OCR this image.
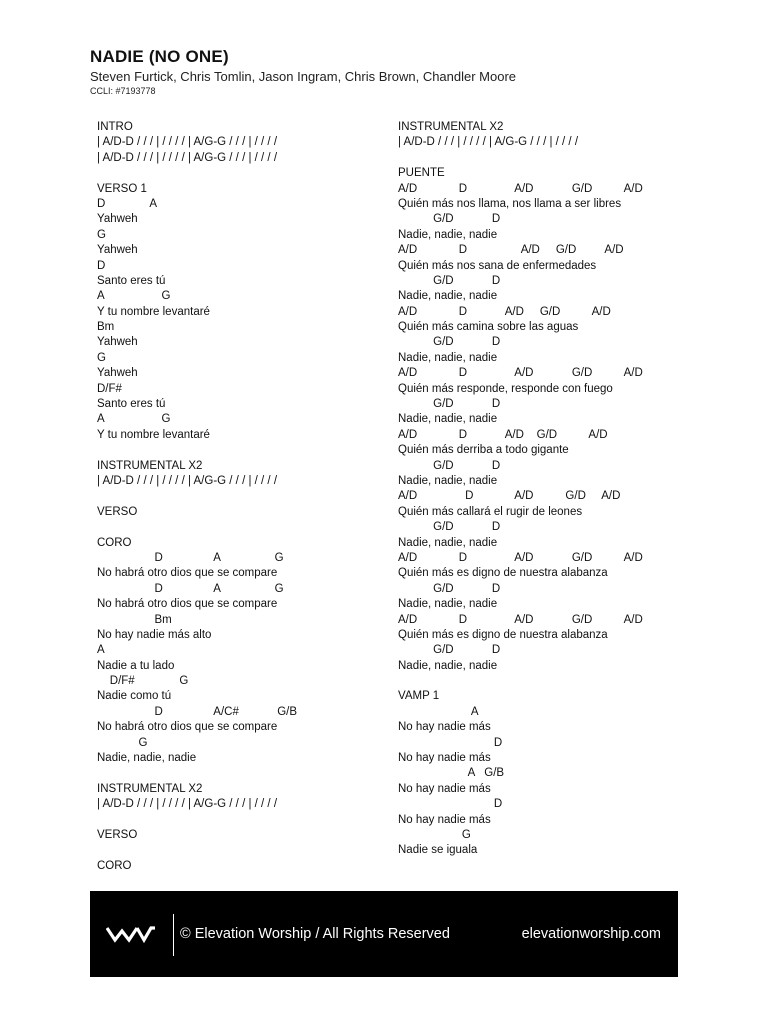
NADIE (NO ONE)
Steven Furtick, Chris Tomlin, Jason Ingram, Chris Brown, Chandler Moore
CCLI: #7193778
INTRO
| A/D-D / / / | / / / / | A/G-G / / / | / / / /
| A/D-D / / / | / / / / | A/G-G / / / | / / / /
VERSO 1
D              A
Yahweh
G
Yahweh
D
Santo eres tú
A                  G
Y tu nombre levantaré
Bm
Yahweh
G
Yahweh
D/F#
Santo eres tú
A                  G
Y tu nombre levantaré
INSTRUMENTAL X2
| A/D-D / / / | / / / / | A/G-G / / / | / / / /
VERSO
CORO
D                A                 G
No habrá otro dios que se compare
D                A                 G
No habrá otro dios que se compare
Bm
No hay nadie más alto
A
Nadie a tu lado
D/F#              G
Nadie como tú
D                A/C#            G/B
No habrá otro dios que se compare
G
Nadie, nadie, nadie
INSTRUMENTAL X2
| A/D-D / / / | / / / / | A/G-G / / / | / / / /
VERSO
CORO
INSTRUMENTAL X2
| A/D-D / / / | / / / / | A/G-G / / / | / / / /
PUENTE
A/D             D               A/D            G/D          A/D
Quién más nos llama, nos llama a ser libres
G/D            D
Nadie, nadie, nadie
A/D             D                 A/D     G/D         A/D
Quién más nos sana de enfermedades
G/D            D
Nadie, nadie, nadie
A/D             D            A/D     G/D          A/D
Quién más camina sobre las aguas
G/D            D
Nadie, nadie, nadie
A/D             D               A/D            G/D          A/D
Quién más responde, responde con fuego
G/D            D
Nadie, nadie, nadie
A/D             D            A/D    G/D          A/D
Quién más derriba a todo gigante
G/D            D
Nadie, nadie, nadie
A/D               D             A/D          G/D     A/D
Quién más callará el rugir de leones
G/D            D
Nadie, nadie, nadie
A/D             D               A/D            G/D          A/D
Quién más es digno de nuestra alabanza
G/D            D
Nadie, nadie, nadie
A/D             D               A/D            G/D          A/D
Quién más es digno de nuestra alabanza
G/D            D
Nadie, nadie, nadie
VAMP 1
A
No hay nadie más
D
No hay nadie más
A   G/B
No hay nadie más
D
No hay nadie más
G
Nadie se iguala
© Elevation Worship / All Rights Reserved	elevationworship.com
